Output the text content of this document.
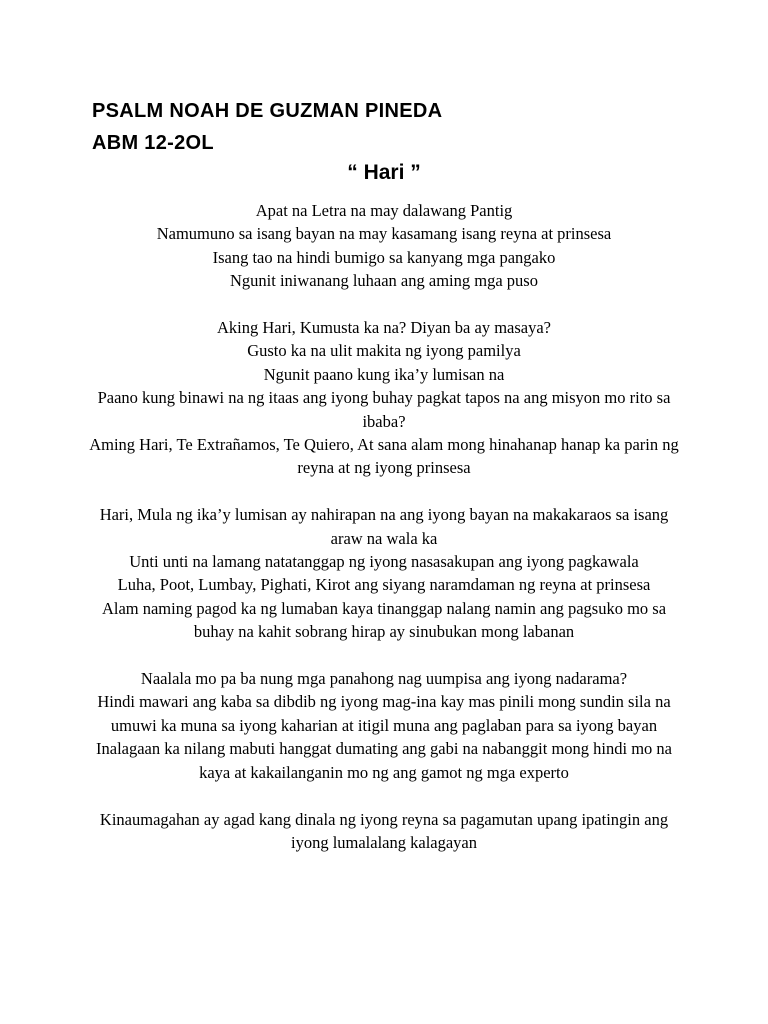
PSALM NOAH DE GUZMAN PINEDA
ABM 12-2OL
“ Hari ”
Apat na Letra na may dalawang Pantig
Namumuno sa isang bayan na may kasamang isang reyna at prinsesa
Isang tao na hindi bumigo sa kanyang mga pangako
Ngunit iniwanang luhaan ang aming mga puso
Aking Hari, Kumusta ka na? Diyan ba ay masaya?
Gusto ka na ulit makita ng iyong pamilya
Ngunit paano kung ika’y lumisan na
Paano kung binawi na ng itaas ang iyong buhay pagkat tapos na ang misyon mo rito sa ibaba?
Aming Hari, Te Extrañamos, Te Quiero, At sana alam mong hinahanap hanap ka parin ng reyna at ng iyong prinsesa
Hari, Mula ng ika’y lumisan ay nahirapan na ang iyong bayan na makakaraos sa isang araw na wala ka
Unti unti na lamang natatanggap ng iyong nasasakupan ang iyong pagkawala
Luha, Poot, Lumbay, Pighati, Kirot ang siyang naramdaman ng reyna at prinsesa
Alam naming pagod ka ng lumaban kaya tinanggap nalang namin ang pagsuko mo sa buhay na kahit sobrang hirap ay sinubukan mong labanan
Naalala mo pa ba nung mga panahong nag uumpisa ang iyong nadarama?
Hindi mawari ang kaba sa dibdib ng iyong mag-ina kay mas pinili mong sundin sila na umuwi ka muna sa iyong kaharian at itigil muna ang paglaban para sa iyong bayan
Inalagaan ka nilang mabuti hanggat dumating ang gabi na nabanggit mong hindi mo na kaya at kakailanganin mo ng ang gamot ng mga experto
Kinaumagahan ay agad kang dinala ng iyong reyna sa pagamutan upang ipatingin ang iyong lumalalang kalagayan
